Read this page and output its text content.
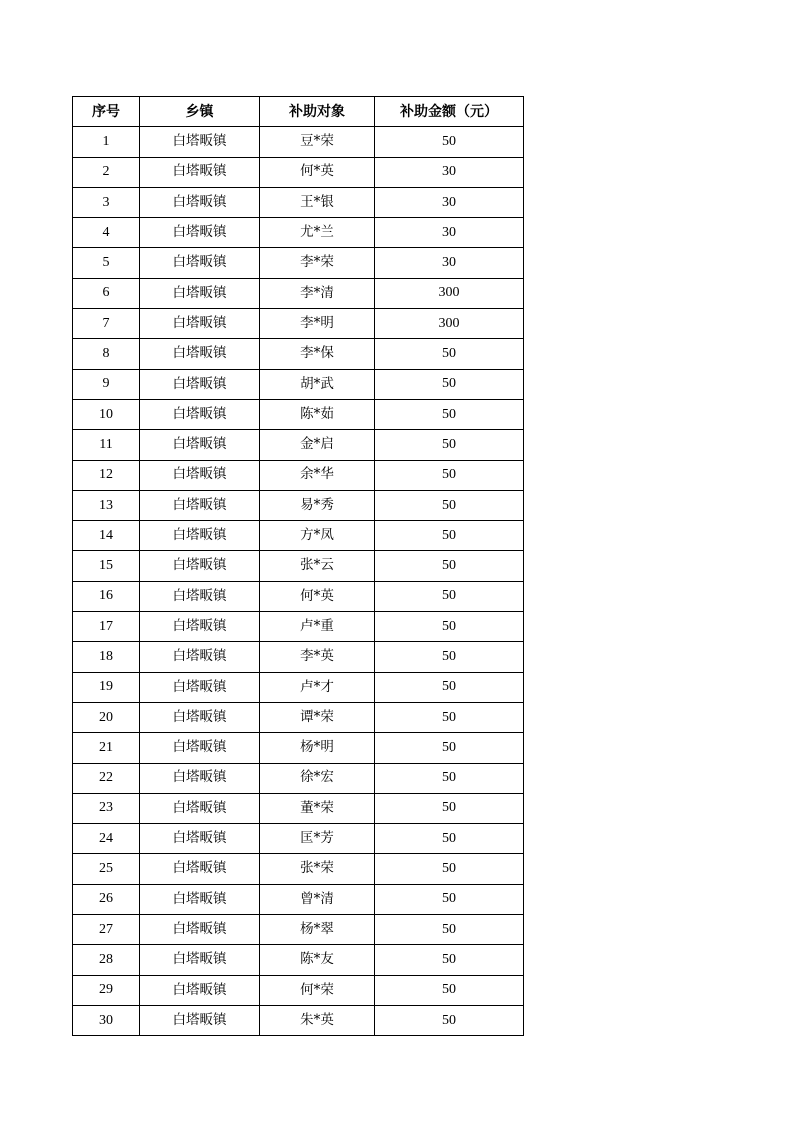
序号	乡镇	补助对象	补助金额（元）
1	白塔畈镇	豆*荣	50
2	白塔畈镇	何*英	30
3	白塔畈镇	王*银	30
4	白塔畈镇	尤*兰	30
5	白塔畈镇	李*荣	30
6	白塔畈镇	李*清	300
7	白塔畈镇	李*明	300
8	白塔畈镇	李*保	50
9	白塔畈镇	胡*武	50
10	白塔畈镇	陈*茹	50
11	白塔畈镇	金*启	50
12	白塔畈镇	余*华	50
13	白塔畈镇	易*秀	50
14	白塔畈镇	方*凤	50
15	白塔畈镇	张*云	50
16	白塔畈镇	何*英	50
17	白塔畈镇	卢*重	50
18	白塔畈镇	李*英	50
19	白塔畈镇	卢*才	50
20	白塔畈镇	谭*荣	50
21	白塔畈镇	杨*明	50
22	白塔畈镇	徐*宏	50
23	白塔畈镇	董*荣	50
24	白塔畈镇	匡*芳	50
25	白塔畈镇	张*荣	50
26	白塔畈镇	曾*清	50
27	白塔畈镇	杨*翠	50
28	白塔畈镇	陈*友	50
29	白塔畈镇	何*荣	50
30	白塔畈镇	朱*英	50
